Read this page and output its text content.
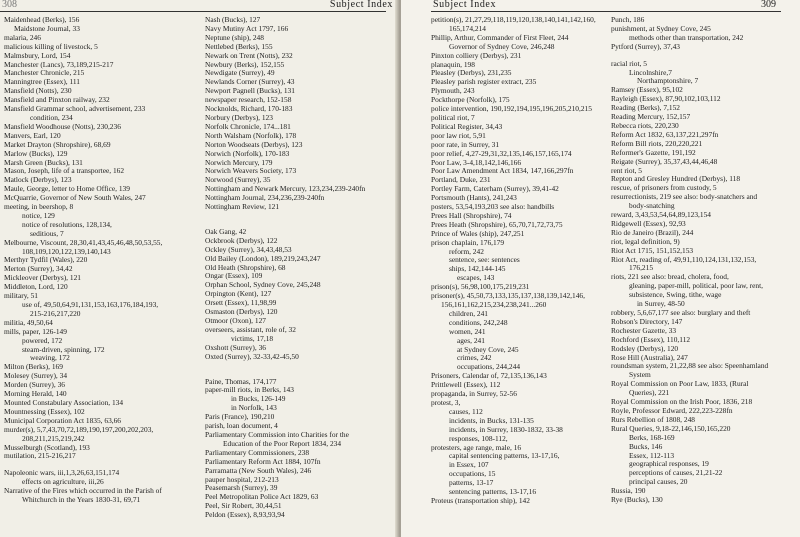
308	Subject Index
Maidenhead (Berks), 156
Maidstone Journal, 33
malaria, 246
malicious killing of livestock, 5
Malmsbury, Lord, 154
Manchester (Lancs), 73,189,215-217
Manchester Chronicle, 215
Manningtree (Essex), 111
Mansfield (Notts), 230
Mansfield and Pinxton railway, 232
Mansfield Grammar school, advertisement, 233
condition, 234
Mansfield Woodhouse (Notts), 230,236
Manvers, Earl, 120
Market Drayton (Shropshire), 68,69
Marlow (Bucks), 129
Marsh Green (Bucks), 131
Mason, Joseph, life of a transportee, 162
Matlock (Derbys), 123
Maule, George, letter to Home Office, 139
McQuarrie, Governor of New South Wales, 247
meeting, in beershop, 8
notice, 129
notice of resolutions, 128,134,
seditious, 7
Melbourne, Viscount, 28,30,41,43,45,46,48,50,53,55,
108,109,120,122,139,140,143
Merthyr Tydfil (Wales), 220
Merton (Surrey), 34,42
Mickleover (Derbys), 121
Middleton, Lord, 120
military, 51
use of, 49,50,64,91,131,153,163,176,184,193,
215-216,217,220
militia, 49,50,64
mills, paper, 126-149
powered, 172
steam-driven, spinning, 172
weaving, 172
Milton (Berks), 169
Molesey (Surrey), 34
Morden (Surrey), 36
Morning Herald, 140
Mounted Constabulary Association, 134
Mountnessing (Essex), 102
Municipal Corporation Act 1835, 63,66
murder(s), 5,7,43,70,72,189,190,197,200,202,203,
208,211,215,219,242
Musselburgh (Scotland), 193
mutilation, 215-216,217
Napoleonic wars, iii,1,3,26,63,151,174
effects on agriculture, iii,26
Narrative of the Fires which occurred in the Parish of
Whitchurch in the Years 1830-31, 69,71
Nash (Bucks), 127
Navy Mutiny Act 1797, 166
Neptune (ship), 248
Nettlebed (Berks), 155
Newark on Trent (Notts), 232
Newbury (Berks), 152,155
Newdigate (Surrey), 49
Newlands Corner (Surrey), 43
Newport Pagnell (Bucks), 131
newspaper research, 152-158
Nocknolds, Richard, 170-183
Norbury (Derbys), 123
Norfolk Chronicle, 174...181
North Walsham (Norfolk), 178
Norton Woodseats (Derbys), 123
Norwich (Norfolk), 170-183
Norwich Mercury, 179
Norwich Weavers Society, 173
Norwood (Surrey), 35
Nottingham and Newark Mercury, 123,234,239-240fn
Nottingham Journal, 234,236,239-240fn
Nottingham Review, 121
Oak Gang, 42
Ockbrook (Derbys), 122
Ockley (Surrey), 34,43,48,53
Old Bailey (London), 189,219,243,247
Old Heath (Shropshire), 68
Ongar (Essex), 109
Orphan School, Sydney Cove, 245,248
Orpington (Kent), 127
Orsett (Essex), 11,98,99
Osmaston (Derbys), 120
Otmoor (Oxon), 127
overseers, assistant, role of, 32
victims, 17,18
Oxshott (Surrey), 36
Oxted (Surrey), 32-33,42-45,50
Paine, Thomas, 174,177
paper-mill riots, in Berks, 143
in Bucks, 126-149
in Norfolk, 143
Paris (France), 190,210
parish, loan document, 4
Parliamentary Commission into Charities for the
Education of the Poor Report 1834, 234
Parliamentary Commissioners, 238
Parliamentary Reform Act 1884, 107fn
Parramatta (New South Wales), 246
pauper hospital, 212-213
Peasemarsh (Surrey), 39
Peel Metropolitan Police Act 1829, 63
Peel, Sir Robert, 30,44,51
Peldon (Essex), 8,93,93,94
Subject Index	309
petition(s), 21,27,29,118,119,120,138,140,141,142,160,
165,174,214
Phillip, Arthur, Commander of First Fleet, 244
Governor of Sydney Cove, 246,248
Pinxton colliery (Derbys), 231
planaquin, 198
Pleasley (Derbys), 231,235
Pleasley parish register extract, 235
Plymouth, 243
Pockthorpe (Norfolk), 175
police intervention, 190,192,194,195,196,205,210,215
political riot, 7
Political Register, 34,43
poor law riot, 5,91
poor rate, in Surrey, 31
poor relief, 4,27-29,31,32,135,146,157,165,174
Poor Law, 3-4,18,142,146,166
Poor Law Amendment Act 1834, 147,166,297fn
Portland, Duke, 231
Portley Farm, Caterham (Surrey), 39,41-42
Portsmouth (Hants), 241,243
posters, 53,54,193,203 see also: handbills
Prees Hall (Shropshire), 74
Prees Heath (Shropshire), 65,70,71,72,73,75
Prince of Wales (ship), 247,251
prison chaplain, 176,179
reform, 242
sentence, see: sentences
ships, 142,144-145
escapes, 143
prison(s), 56,98,100,175,219,231
prisoner(s), 45,50,73,133,135,137,138,139,142,146,
156,161,162,215,234,238,241...260
children, 241
conditions, 242,248
women, 241
ages, 241
at Sydney Cove, 245
crimes, 242
occupations, 244,244
Prisoners, Calendar of, 72,135,136,143
Prittlewell (Essex), 112
propaganda, in Surrey, 52-56
protest, 3,
causes, 112
incidents, in Bucks, 131-135
incidents, in Surrey, 1830-1832, 33-38
responses, 108-112,
protesters, age range, male, 16
capital sentencing patterns, 13-17,16,
in Essex, 107
occupations, 15
patterns, 13-17
sentencing patterns, 13-17,16
Proteus (transportation ship), 142
Punch, 186
punishment, at Sydney Cove, 245
methods other than transportation, 242
Pytford (Surrey), 37,43
racial riot, 5
Lincolnshire,7
Northamptonshire, 7
Ramsey (Essex), 95,102
Rayleigh (Essex), 87,90,102,103,112
Reading (Berks), 7,152
Reading Mercury, 152,157
Rebecca riots, 220,230
Reform Act 1832, 63,137,221,297fn
Reform Bill riots, 220,220,221
Reformer's Gazette, 191,192
Reigate (Surrey), 35,37,43,44,46,48
rent riot, 5
Repton and Gresley Hundred (Derbys), 118
rescue, of prisoners from custody, 5
resurrectionists, 219 see also: body-snatchers and
body-snatching
reward, 3,43,53,54,64,89,123,154
Ridgewell (Essex), 92,93
Rio de Janeiro (Brazil), 244
riot, legal definition, 9)
Riot Act 1715, 151,152,153
Riot Act, reading of, 49,91,110,124,131,132,153,
176,215
riots, 221 see also: bread, cholera, food,
gleaning, paper-mill, political, poor law, rent,
subsistence, Swing, tithe, wage
in Surrey, 48-50
robbery, 5,6,67,177 see also: burglary and theft
Robson's Directory, 147
Rochester Gazette, 33
Rochford (Essex), 110,112
Rodsley (Derbys), 120
Rose Hill (Australia), 247
roundsman system, 21,22,88 see also: Speenhamland
System
Royal Commission on Poor Law, 1833, (Rural
Queries), 221
Royal Commission on the Irish Poor, 1836, 218
Royle, Professor Edward, 222,223-228fn
Rurs Rebellion of 1808, 248
Rural Queries, 9,18-22,146,150,165,220
Berks, 168-169
Bucks, 146
Essex, 112-113
geographical responses, 19
perceptions of causes, 21,21-22
principal causes, 20
Russia, 190
Rye (Bucks), 130
